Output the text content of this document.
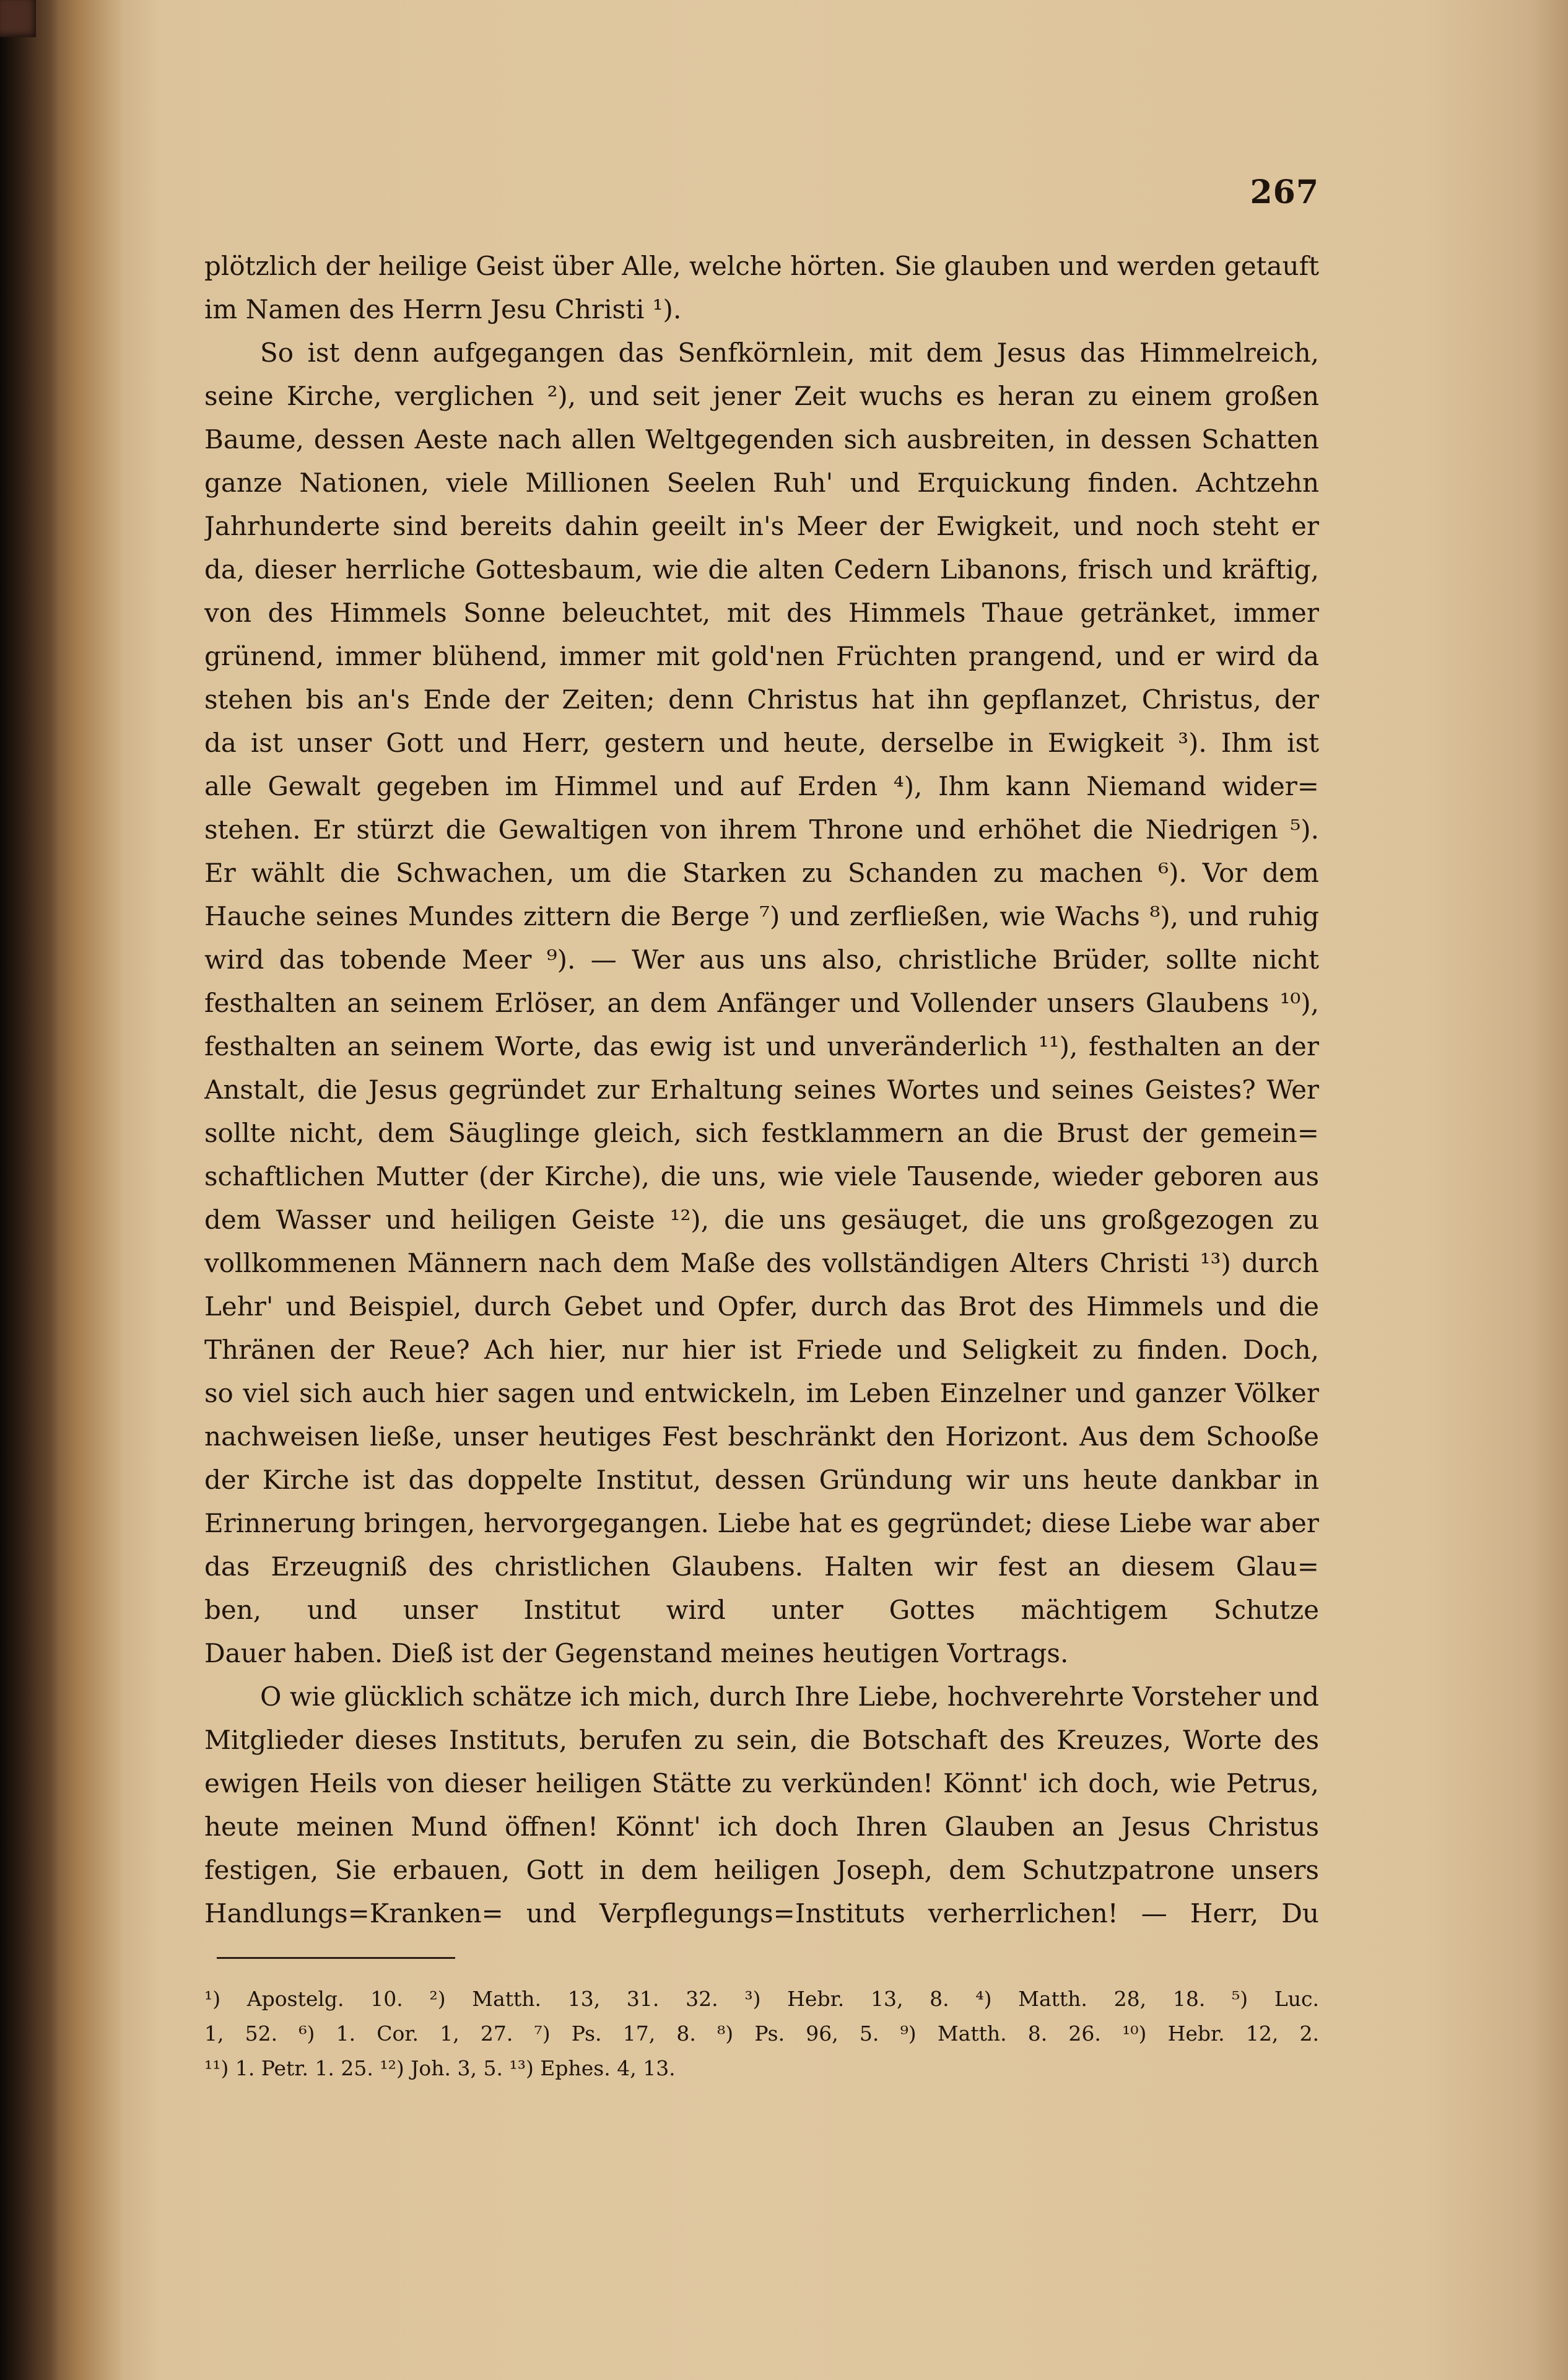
267
plötzlich der heilige Geist über Alle, welche hörten. Sie glauben und werden getauft
im Namen des Herrn Jesu Christi ¹).
So ist denn aufgegangen das Senfkörnlein, mit dem Jesus das Himmelreich,
seine Kirche, verglichen ²), und seit jener Zeit wuchs es heran zu einem großen
Baume, dessen Aeste nach allen Weltgegenden sich ausbreiten, in dessen Schatten
ganze Nationen, viele Millionen Seelen Ruh' und Erquickung finden. Achtzehn
Jahrhunderte sind bereits dahin geeilt in's Meer der Ewigkeit, und noch steht er
da, dieser herrliche Gottesbaum, wie die alten Cedern Libanons, frisch und kräftig,
von des Himmels Sonne beleuchtet, mit des Himmels Thaue getränket, immer
grünend, immer blühend, immer mit gold'nen Früchten prangend, und er wird da
stehen bis an's Ende der Zeiten; denn Christus hat ihn gepflanzet, Christus, der
da ist unser Gott und Herr, gestern und heute, derselbe in Ewigkeit ³). Ihm ist
alle Gewalt gegeben im Himmel und auf Erden ⁴), Ihm kann Niemand wider=
stehen. Er stürzt die Gewaltigen von ihrem Throne und erhöhet die Niedrigen ⁵).
Er wählt die Schwachen, um die Starken zu Schanden zu machen ⁶). Vor dem
Hauche seines Mundes zittern die Berge ⁷) und zerfließen, wie Wachs ⁸), und ruhig
wird das tobende Meer ⁹). — Wer aus uns also, christliche Brüder, sollte nicht
festhalten an seinem Erlöser, an dem Anfänger und Vollender unsers Glaubens ¹⁰),
festhalten an seinem Worte, das ewig ist und unveränderlich ¹¹), festhalten an der
Anstalt, die Jesus gegründet zur Erhaltung seines Wortes und seines Geistes? Wer
sollte nicht, dem Säuglinge gleich, sich festklammern an die Brust der gemein=
schaftlichen Mutter (der Kirche), die uns, wie viele Tausende, wieder geboren aus
dem Wasser und heiligen Geiste ¹²), die uns gesäuget, die uns großgezogen zu
vollkommenen Männern nach dem Maße des vollständigen Alters Christi ¹³) durch
Lehr' und Beispiel, durch Gebet und Opfer, durch das Brot des Himmels und die
Thränen der Reue? Ach hier, nur hier ist Friede und Seligkeit zu finden. Doch,
so viel sich auch hier sagen und entwickeln, im Leben Einzelner und ganzer Völker
nachweisen ließe, unser heutiges Fest beschränkt den Horizont. Aus dem Schooße
der Kirche ist das doppelte Institut, dessen Gründung wir uns heute dankbar in
Erinnerung bringen, hervorgegangen. Liebe hat es gegründet; diese Liebe war aber
das Erzeugniß des christlichen Glaubens. Halten wir fest an diesem Glau=
ben, und unser Institut wird unter Gottes mächtigem Schutze
Dauer haben. Dieß ist der Gegenstand meines heutigen Vortrags.
O wie glücklich schätze ich mich, durch Ihre Liebe, hochverehrte Vorsteher und
Mitglieder dieses Instituts, berufen zu sein, die Botschaft des Kreuzes, Worte des
ewigen Heils von dieser heiligen Stätte zu verkünden! Könnt' ich doch, wie Petrus,
heute meinen Mund öffnen! Könnt' ich doch Ihren Glauben an Jesus Christus
festigen, Sie erbauen, Gott in dem heiligen Joseph, dem Schutzpatrone unsers
Handlungs=Kranken= und Verpflegungs=Instituts verherrlichen! — Herr, Du
¹) Apostelg. 10. ²) Matth. 13, 31. 32. ³) Hebr. 13, 8. ⁴) Matth. 28, 18. ⁵) Luc.
1, 52. ⁶) 1. Cor. 1, 27. ⁷) Ps. 17, 8. ⁸) Ps. 96, 5. ⁹) Matth. 8. 26. ¹⁰) Hebr. 12, 2.
¹¹) 1. Petr. 1. 25. ¹²) Joh. 3, 5. ¹³) Ephes. 4, 13.
